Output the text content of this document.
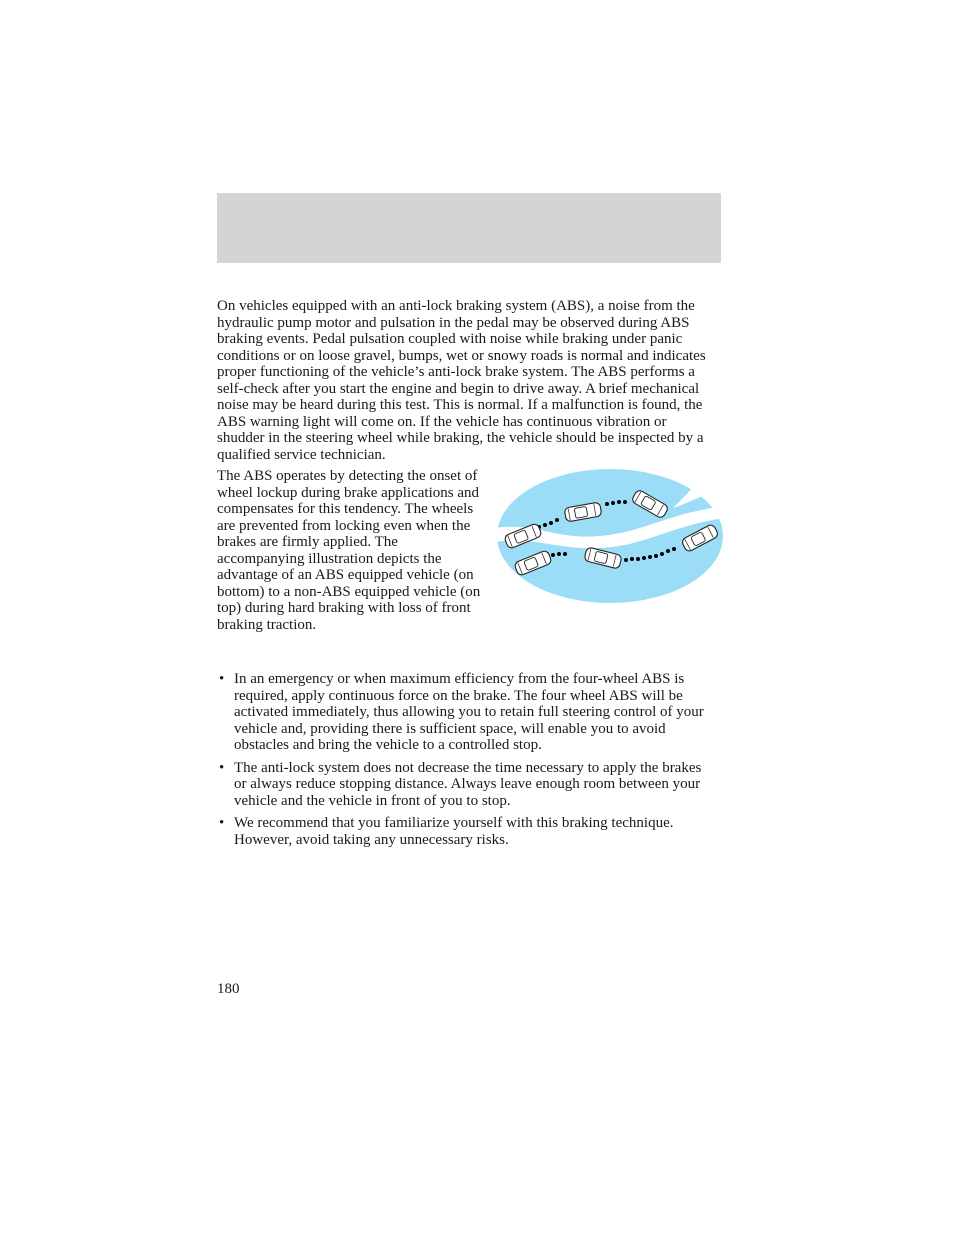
On vehicles equipped with an anti-lock braking system (ABS), a noise from the hydraulic pump motor and pulsation in the pedal may be observed during ABS braking events. Pedal pulsation coupled with noise while braking under panic conditions or on loose gravel, bumps, wet or snowy roads is normal and indicates proper functioning of the vehicle’s anti-lock brake system. The ABS performs a self-check after you start the engine and begin to drive away. A brief mechanical noise may be heard during this test. This is normal. If a malfunction is found, the ABS warning light will come on. If the vehicle has continuous vibration or shudder in the steering wheel while braking, the vehicle should be inspected by a qualified service technician.

The ABS operates by detecting the onset of wheel lockup during brake applications and compensates for this tendency. The wheels are prevented from locking even when the brakes are firmly applied. The accompanying illustration depicts the advantage of an ABS equipped vehicle (on bottom) to a non-ABS equipped vehicle (on top) during hard braking with loss of front braking traction.

• In an emergency or when maximum efficiency from the four-wheel ABS is required, apply continuous force on the brake. The four wheel ABS will be activated immediately, thus allowing you to retain full steering control of your vehicle and, providing there is sufficient space, will enable you to avoid obstacles and bring the vehicle to a controlled stop.
• The anti-lock system does not decrease the time necessary to apply the brakes or always reduce stopping distance. Always leave enough room between your vehicle and the vehicle in front of you to stop.
• We recommend that you familiarize yourself with this braking technique. However, avoid taking any unnecessary risks.
180
